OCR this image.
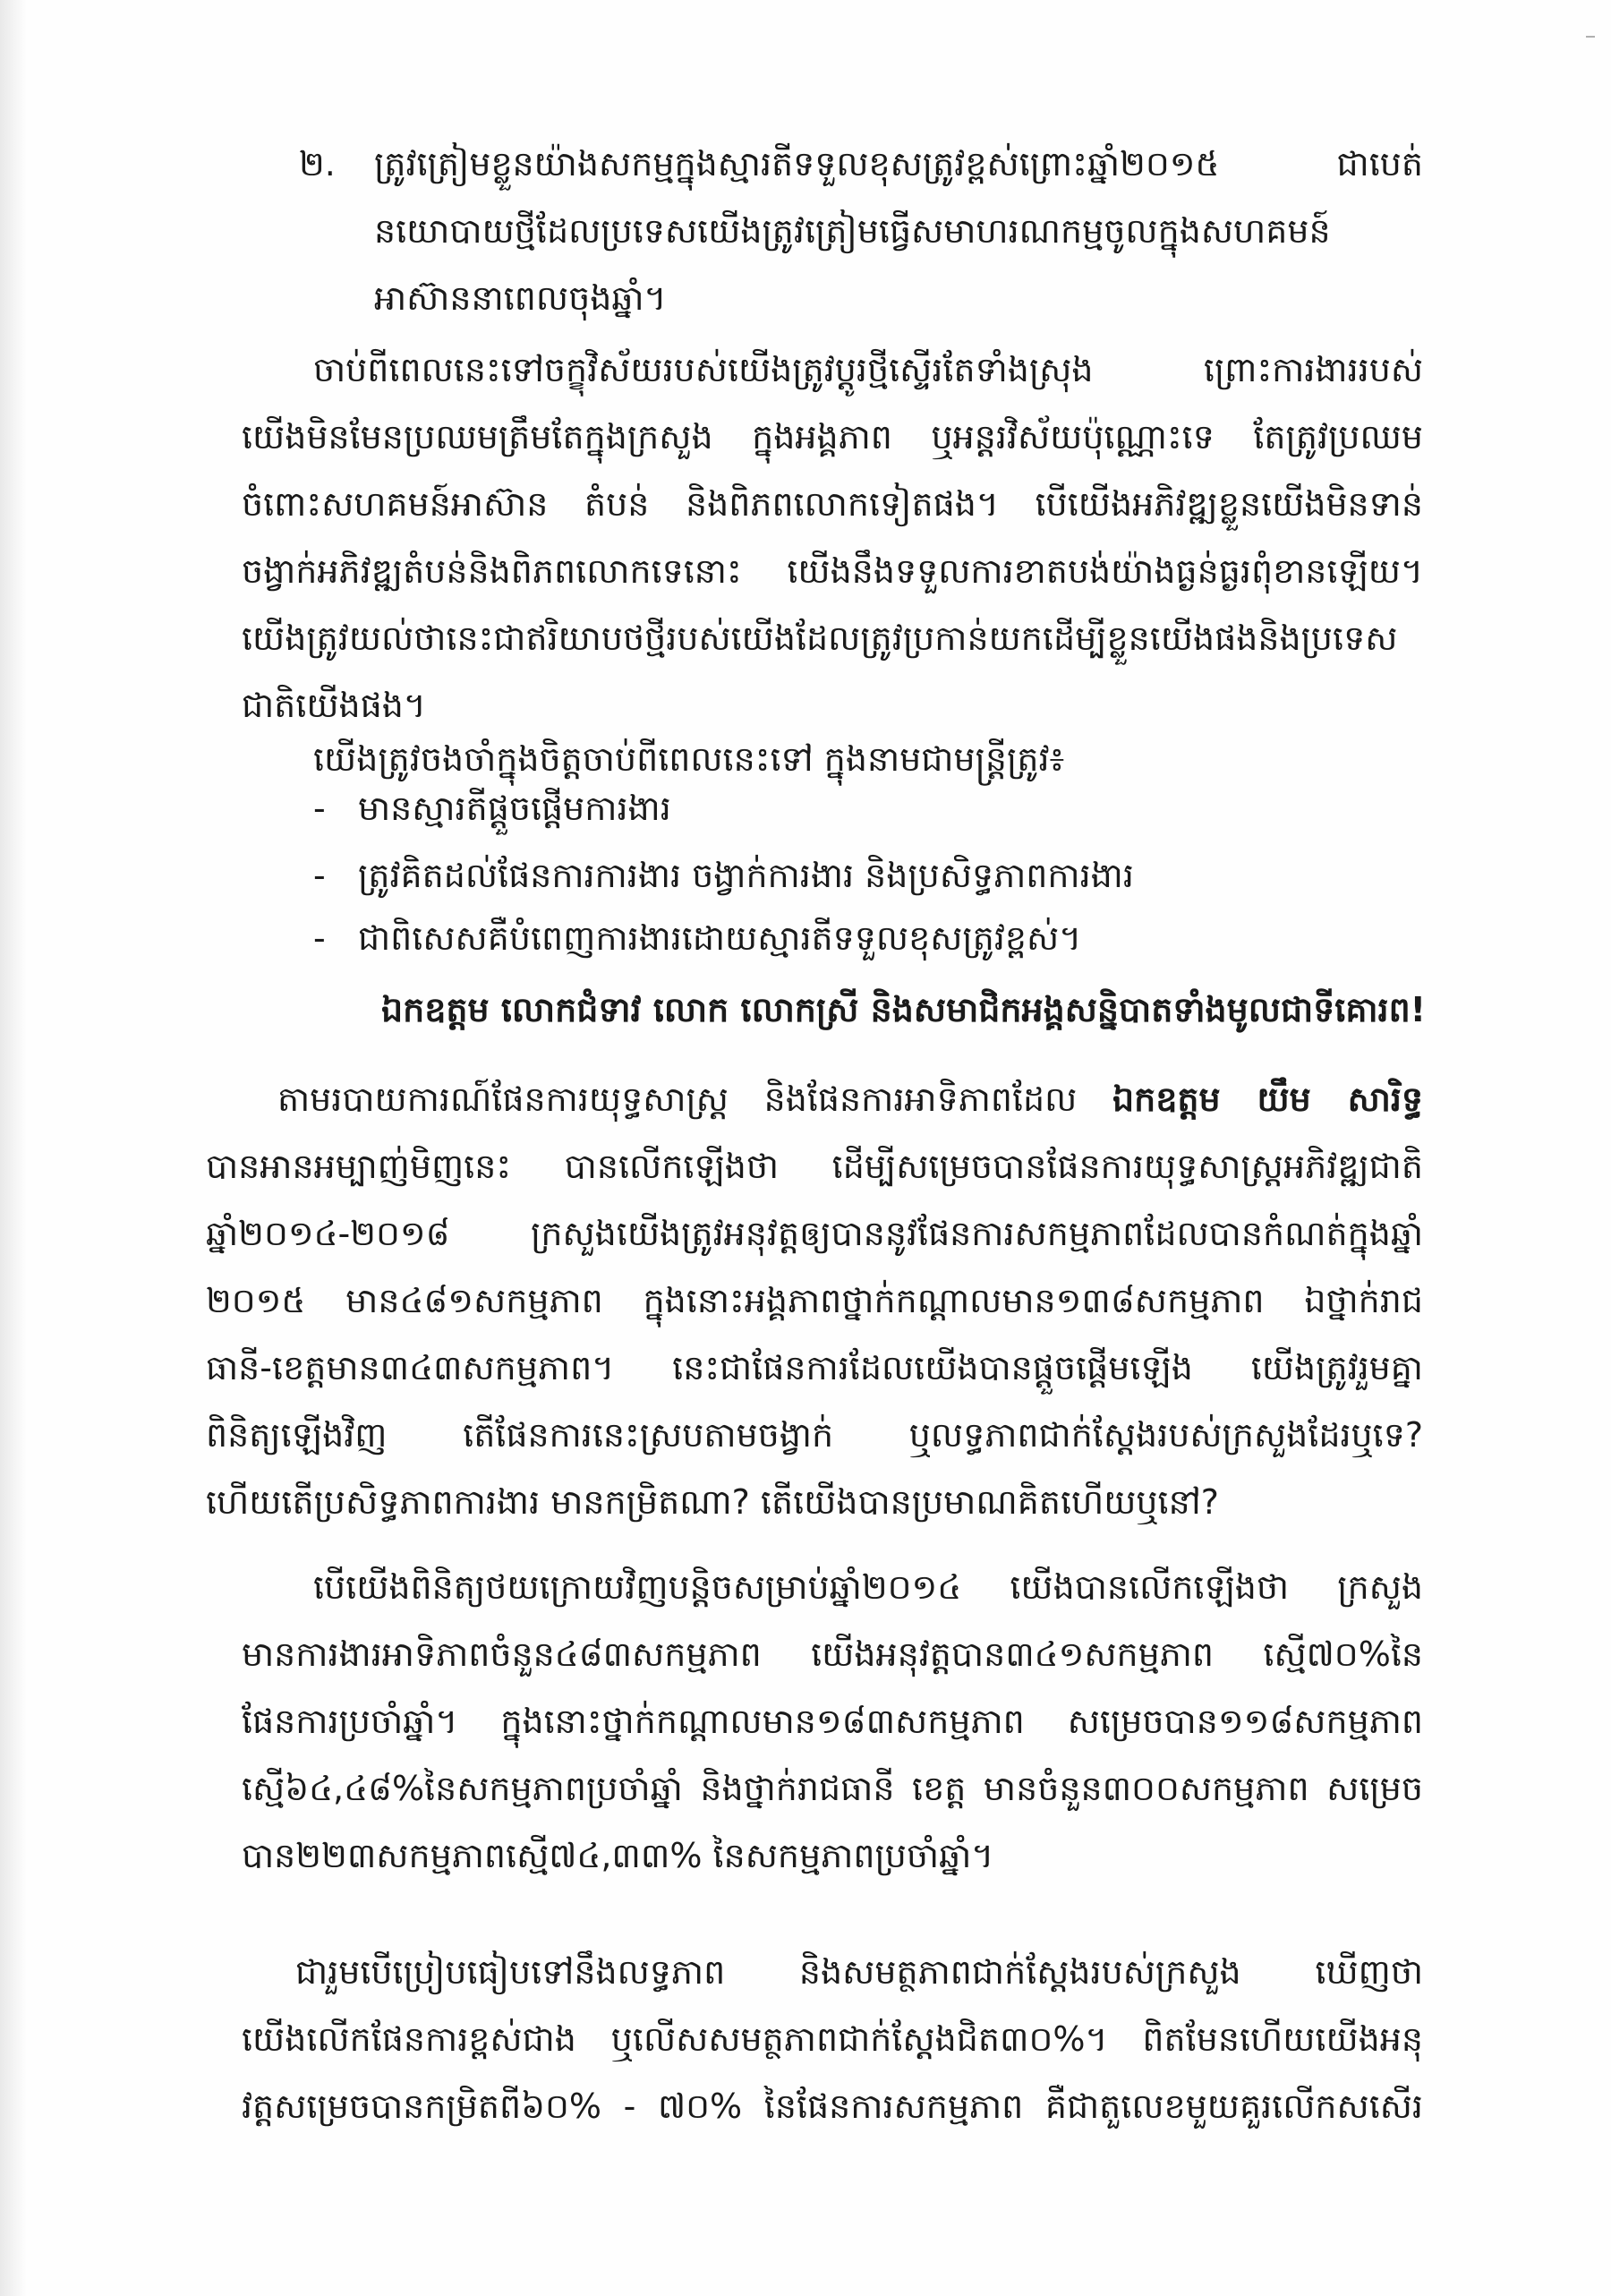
២.	ត្រូវត្រៀមខ្លួនយ៉ាងសកម្មក្នុងស្មារតីទទួលខុសត្រូវខ្ពស់ព្រោះឆ្នាំ២០១៥ ជាបេត់
នយោបាយថ្មីដែលប្រទេសយើងត្រូវត្រៀមធ្វើសមាហរណកម្មចូលក្នុងសហគមន៍
អាស៊ាននាពេលចុងឆ្នាំ។
ចាប់ពីពេលនេះទៅចក្ខុវិស័យរបស់យើងត្រូវប្តូរថ្មីស្ទើរតែទាំងស្រុង ព្រោះការងាររបស់
យើងមិនមែនប្រឈមត្រឹមតែក្នុងក្រសួង ក្នុងអង្គភាព ឬអន្តរវិស័យប៉ុណ្ណោះទេ តែត្រូវប្រឈម
ចំពោះសហគមន៍អាស៊ាន តំបន់ និងពិភពលោកទៀតផង។ បើយើងអភិវឌ្ឍខ្លួនយើងមិនទាន់
ចង្វាក់អភិវឌ្ឍតំបន់និងពិភពលោកទេនោះ យើងនឹងទទួលការខាតបង់យ៉ាងធ្ងន់ធ្ងរពុំខានឡើយ។
យើងត្រូវយល់ថានេះជាឥរិយាបថថ្មីរបស់យើងដែលត្រូវប្រកាន់យកដើម្បីខ្លួនយើងផងនិងប្រទេស
ជាតិយើងផង។
យើងត្រូវចងចាំក្នុងចិត្តចាប់ពីពេលនេះទៅ ក្នុងនាមជាមន្ត្រីត្រូវ៖
- មានស្មារតីផ្តួចផ្តើមការងារ
- ត្រូវគិតដល់ផែនការការងារ ចង្វាក់ការងារ និងប្រសិទ្ធភាពការងារ
- ជាពិសេសគឺបំពេញការងារដោយស្មារតីទទួលខុសត្រូវខ្ពស់។
ឯកឧត្តម លោកជំទាវ លោក លោកស្រី និងសមាជិកអង្គសន្និបាតទាំងមូលជាទីគោរព!
តាមរបាយការណ៍ផែនការយុទ្ធសាស្ត្រ និងផែនការអាទិភាពដែល ឯកឧត្តម យឹម សារិទ្ធ
បានអានអម្បាញ់មិញនេះ បានលើកឡើងថា ដើម្បីសម្រេចបានផែនការយុទ្ធសាស្ត្រអភិវឌ្ឍជាតិ
ឆ្នាំ២០១៤-២០១៨ ក្រសួងយើងត្រូវអនុវត្តឲ្យបាននូវផែនការសកម្មភាពដែលបានកំណត់ក្នុងឆ្នាំ
២០១៥ មាន៤៨១សកម្មភាព ក្នុងនោះអង្គភាពថ្នាក់កណ្តាលមាន១៣៨សកម្មភាព ឯថ្នាក់រាជ
ធានី-ខេត្តមាន៣៤៣សកម្មភាព។ នេះជាផែនការដែលយើងបានផ្តួចផ្តើមឡើង យើងត្រូវរួមគ្នា
ពិនិត្យឡើងវិញ តើផែនការនេះស្របតាមចង្វាក់ ឬលទ្ធភាពជាក់ស្តែងរបស់ក្រសួងដែរឬទេ?
ហើយតើប្រសិទ្ធភាពការងារ មានកម្រិតណា? តើយើងបានប្រមាណគិតហើយឬនៅ?
បើយើងពិនិត្យថយក្រោយវិញបន្តិចសម្រាប់ឆ្នាំ២០១៤ យើងបានលើកឡើងថា ក្រសួង
មានការងារអាទិភាពចំនួន៤៨៣សកម្មភាព យើងអនុវត្តបាន៣៤១សកម្មភាព ស្មើ៧០%នៃ
ផែនការប្រចាំឆ្នាំ។ ក្នុងនោះថ្នាក់កណ្តាលមាន១៨៣សកម្មភាព សម្រេចបាន១១៨សកម្មភាព
ស្មើ៦៤,៤៨%នៃសកម្មភាពប្រចាំឆ្នាំ និងថ្នាក់រាជធានី ខេត្ត មានចំនួន៣០០សកម្មភាព សម្រេច
បាន២២៣សកម្មភាពស្មើ៧៤,៣៣% នៃសកម្មភាពប្រចាំឆ្នាំ។
ជារួមបើប្រៀបធៀបទៅនឹងលទ្ធភាព និងសមត្ថភាពជាក់ស្តែងរបស់ក្រសួង ឃើញថា
យើងលើកផែនការខ្ពស់ជាង ឬលើសសមត្ថភាពជាក់ស្តែងជិត៣០%។ ពិតមែនហើយយើងអនុ
វត្តសម្រេចបានកម្រិតពី៦០% - ៧០% នៃផែនការសកម្មភាព គឺជាតួលេខមួយគួរលើកសសើរ
